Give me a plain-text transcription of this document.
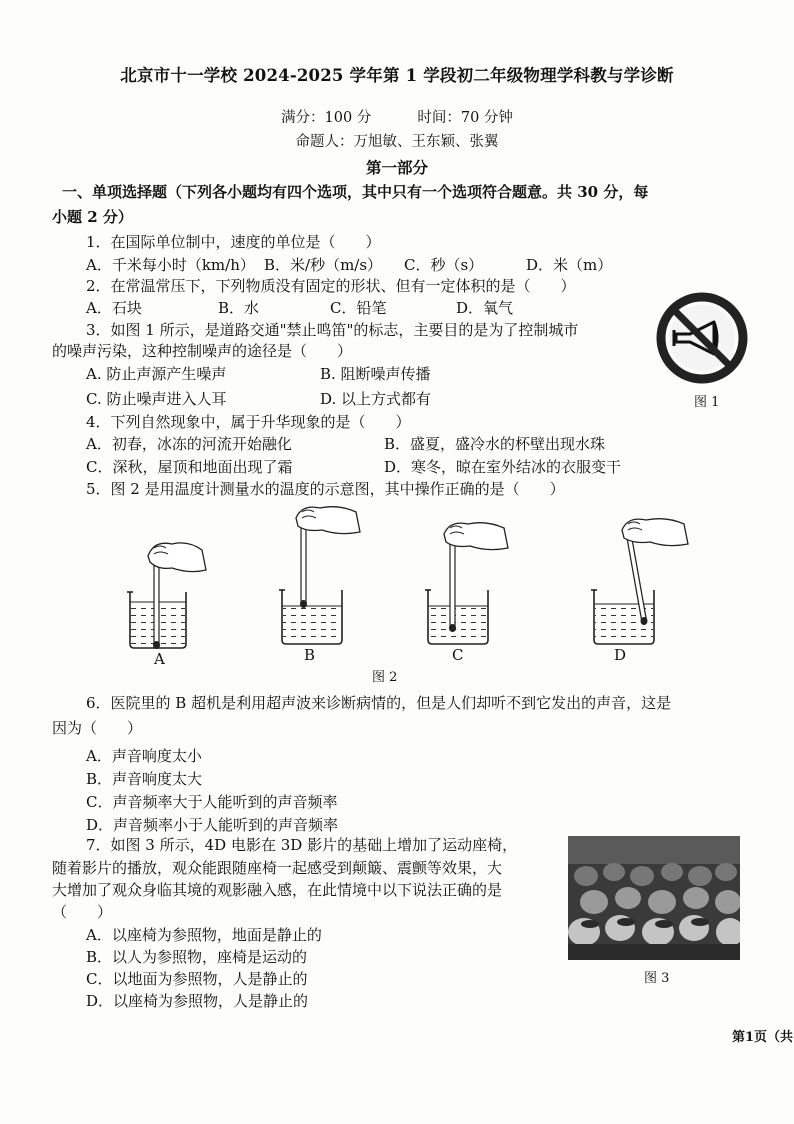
北京市十一学校 2024-2025 学年第 1 学段初二年级物理学科教与学诊断
满分：100 分	时间：70 分钟
命题人：万旭敏、王东颖、张翼
第一部分
一、单项选择题（下列各小题均有四个选项，其中只有一个选项符合题意。共 30 分，每
小题 2 分）
1．在国际单位制中，速度的单位是（　　）
A．千米每小时（km/h） B．米/秒（m/s） C．秒（s）	D．米（m）
2．在常温常压下，下列物质没有固定的形状、但有一定体积的是（　　）
A．石块	B．水	C．铅笔	D．氧气
3．如图 1 所示，是道路交通"禁止鸣笛"的标志，主要目的是为了控制城市
的噪声污染，这种控制噪声的途径是（　　）
A. 防止声源产生噪声	B. 阻断噪声传播
C. 防止噪声进入人耳	D. 以上方式都有	图 1
4．下列自然现象中，属于升华现象的是（　　）
A．初春，冰冻的河流开始融化	B．盛夏，盛冷水的杯壁出现水珠
C．深秋，屋顶和地面出现了霜	D．寒冬，晾在室外结冰的衣服变干
5．图 2 是用温度计测量水的温度的示意图，其中操作正确的是（　　）
A	B	C	D
图 2
6．医院里的 B 超机是利用超声波来诊断病情的，但是人们却听不到它发出的声音，这是
因为（　　）
A．声音响度太小
B．声音响度太大
C．声音频率大于人能听到的声音频率
D．声音频率小于人能听到的声音频率
7．如图 3 所示，4D 电影在 3D 影片的基础上增加了运动座椅，
随着影片的播放，观众能跟随座椅一起感受到颠簸、震颤等效果，大
大增加了观众身临其境的观影融入感，在此情境中以下说法正确的是
（　　）
A．以座椅为参照物，地面是静止的
B．以人为参照物，座椅是运动的
C．以地面为参照物，人是静止的
D．以座椅为参照物，人是静止的
图 3
第1页（共
